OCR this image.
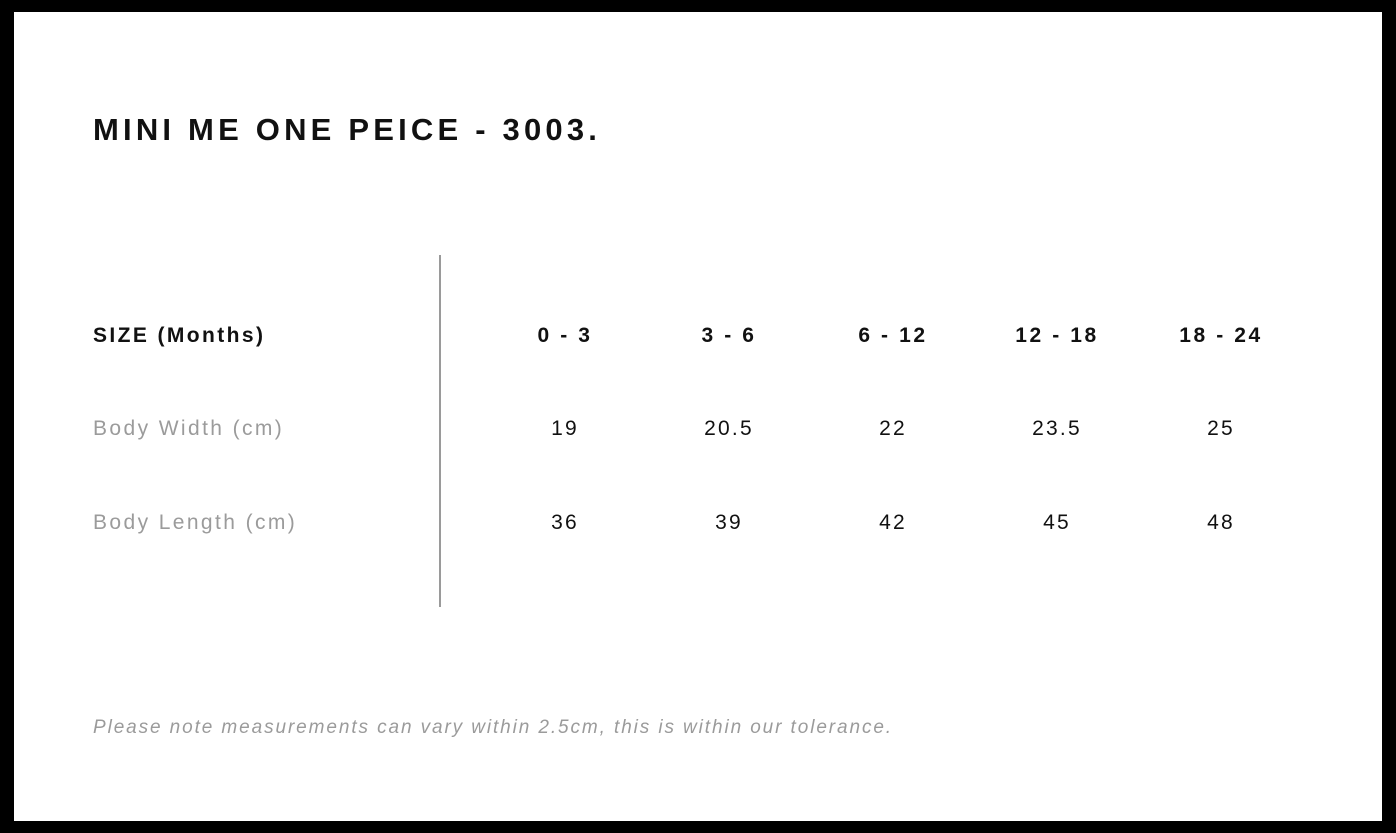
MINI ME ONE PEICE - 3003.
SIZE (Months)	0 - 3	3 - 6	6 - 12	12 - 18	18 - 24
Body Width (cm)	19	20.5	22	23.5	25
Body Length (cm)	36	39	42	45	48
Please note measurements can vary within 2.5cm, this is within our tolerance.
